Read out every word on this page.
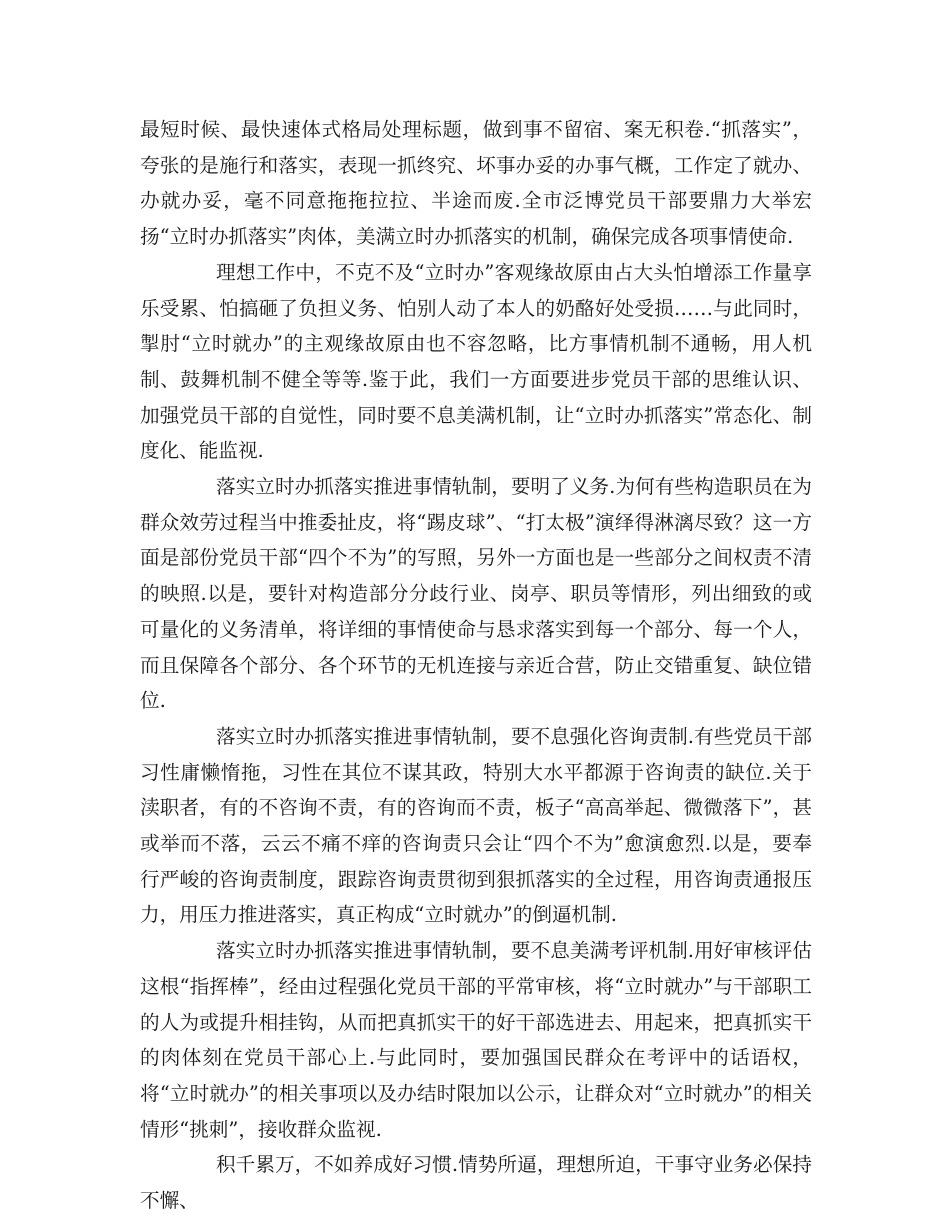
最短时候、最快速体式格局处理标题，做到事不留宿、案无积卷.“抓落实”，夸张的是施行和落实，表现一抓终究、坏事办妥的办事气概，工作定了就办、办就办妥，毫不同意拖拖拉拉、半途而废.全市泛博党员干部要鼎力大举宏扬“立时办抓落实”肉体，美满立时办抓落实的机制，确保完成各项事情使命.

理想工作中，不克不及“立时办”客观缘故原由占大头怕增添工作量享乐受累、怕搞砸了负担义务、怕别人动了本人的奶酪好处受损……与此同时，掣肘“立时就办”的主观缘故原由也不容忽略，比方事情机制不通畅，用人机制、鼓舞机制不健全等等.鉴于此，我们一方面要进步党员干部的思维认识、加强党员干部的自觉性，同时要不息美满机制，让“立时办抓落实”常态化、制度化、能监视.

落实立时办抓落实推进事情轨制，要明了义务.为何有些构造职员在为群众效劳过程当中推委扯皮，将“踢皮球”、“打太极”演绎得淋漓尽致？这一方面是部份党员干部“四个不为”的写照，另外一方面也是一些部分之间权责不清的映照.以是，要针对构造部分分歧行业、岗亭、职员等情形，列出细致的或可量化的义务清单，将详细的事情使命与恳求落实到每一个部分、每一个人，而且保障各个部分、各个环节的无机连接与亲近合营，防止交错重复、缺位错位.

落实立时办抓落实推进事情轨制，要不息强化咨询责制.有些党员干部习性庸懒惰拖，习性在其位不谋其政，特别大水平都源于咨询责的缺位.关于渎职者，有的不咨询不责，有的咨询而不责，板子“高高举起、微微落下”，甚或举而不落，云云不痛不痒的咨询责只会让“四个不为”愈演愈烈.以是，要奉行严峻的咨询责制度，跟踪咨询责贯彻到狠抓落实的全过程，用咨询责通报压力，用压力推进落实，真正构成“立时就办”的倒逼机制.

落实立时办抓落实推进事情轨制，要不息美满考评机制.用好审核评估这根“指挥棒”，经由过程强化党员干部的平常审核，将“立时就办”与干部职工的人为或提升相挂钩，从而把真抓实干的好干部选进去、用起来，把真抓实干的肉体刻在党员干部心上.与此同时，要加强国民群众在考评中的话语权，将“立时就办”的相关事项以及办结时限加以公示，让群众对“立时就办”的相关情形“挑刺”，接收群众监视.

积千累万，不如养成好习惯.情势所逼，理想所迫，干事守业务必保持不懈、
